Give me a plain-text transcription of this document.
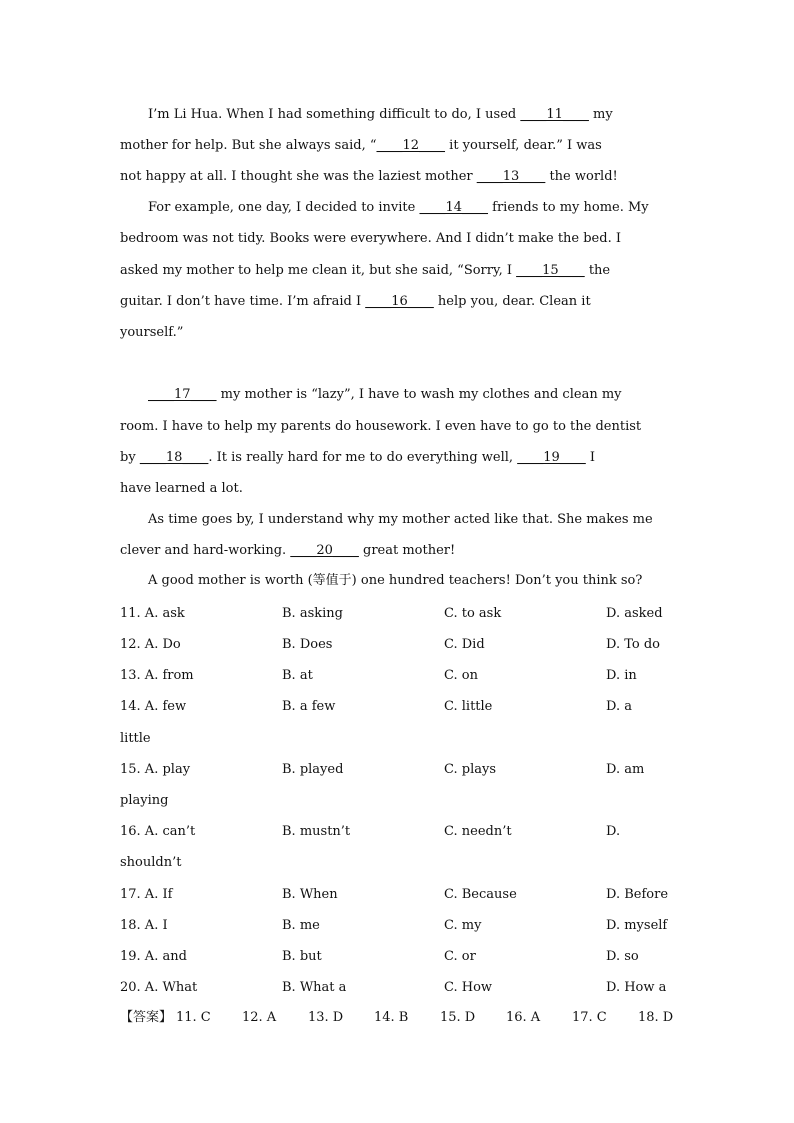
I’m Li Hua. When I had something difficult to do, I used ____11____ my
mother for help. But she always said, “____12____ it yourself, dear.” I was
not happy at all. I thought she was the laziest mother ____13____ the world!
For example, one day, I decided to invite ____14____ friends to my home. My
bedroom was not tidy. Books were everywhere. And I didn’t make the bed. I
asked my mother to help me clean it, but she said, “Sorry, I ____15____ the
guitar. I don’t have time. I’m afraid I ____16____ help you, dear. Clean it
yourself.”
____17____ my mother is “lazy”, I have to wash my clothes and clean my
room. I have to help my parents do housework. I even have to go to the dentist
by ____18____. It is really hard for me to do everything well, ____19____ I
have learned a lot.
As time goes by, I understand why my mother acted like that. She makes me
clever and hard-working. ____20____ great mother!
A good mother is worth (等值于) one hundred teachers! Don’t you think so?
11. A. ask	B. asking	C. to ask	D. asked
12. A. Do	B. Does	C. Did	D. To do
13. A. from	B. at	C. on	D. in
14. A. few	B. a few	C. little	D. a
little
15. A. play	B. played	C. plays	D. am
playing
16. A. can’t	B. mustn’t	C. needn’t	D.
shouldn’t
17. A. If	B. When	C. Because	D. Before
18. A. I	B. me	C. my	D. myself
19. A. and	B. but	C. or	D. so
20. A. What	B. What a	C. How	D. How a
【答案】 11. C 12. A 13. D 14. B 15. D 16. A 17. C 18. D
